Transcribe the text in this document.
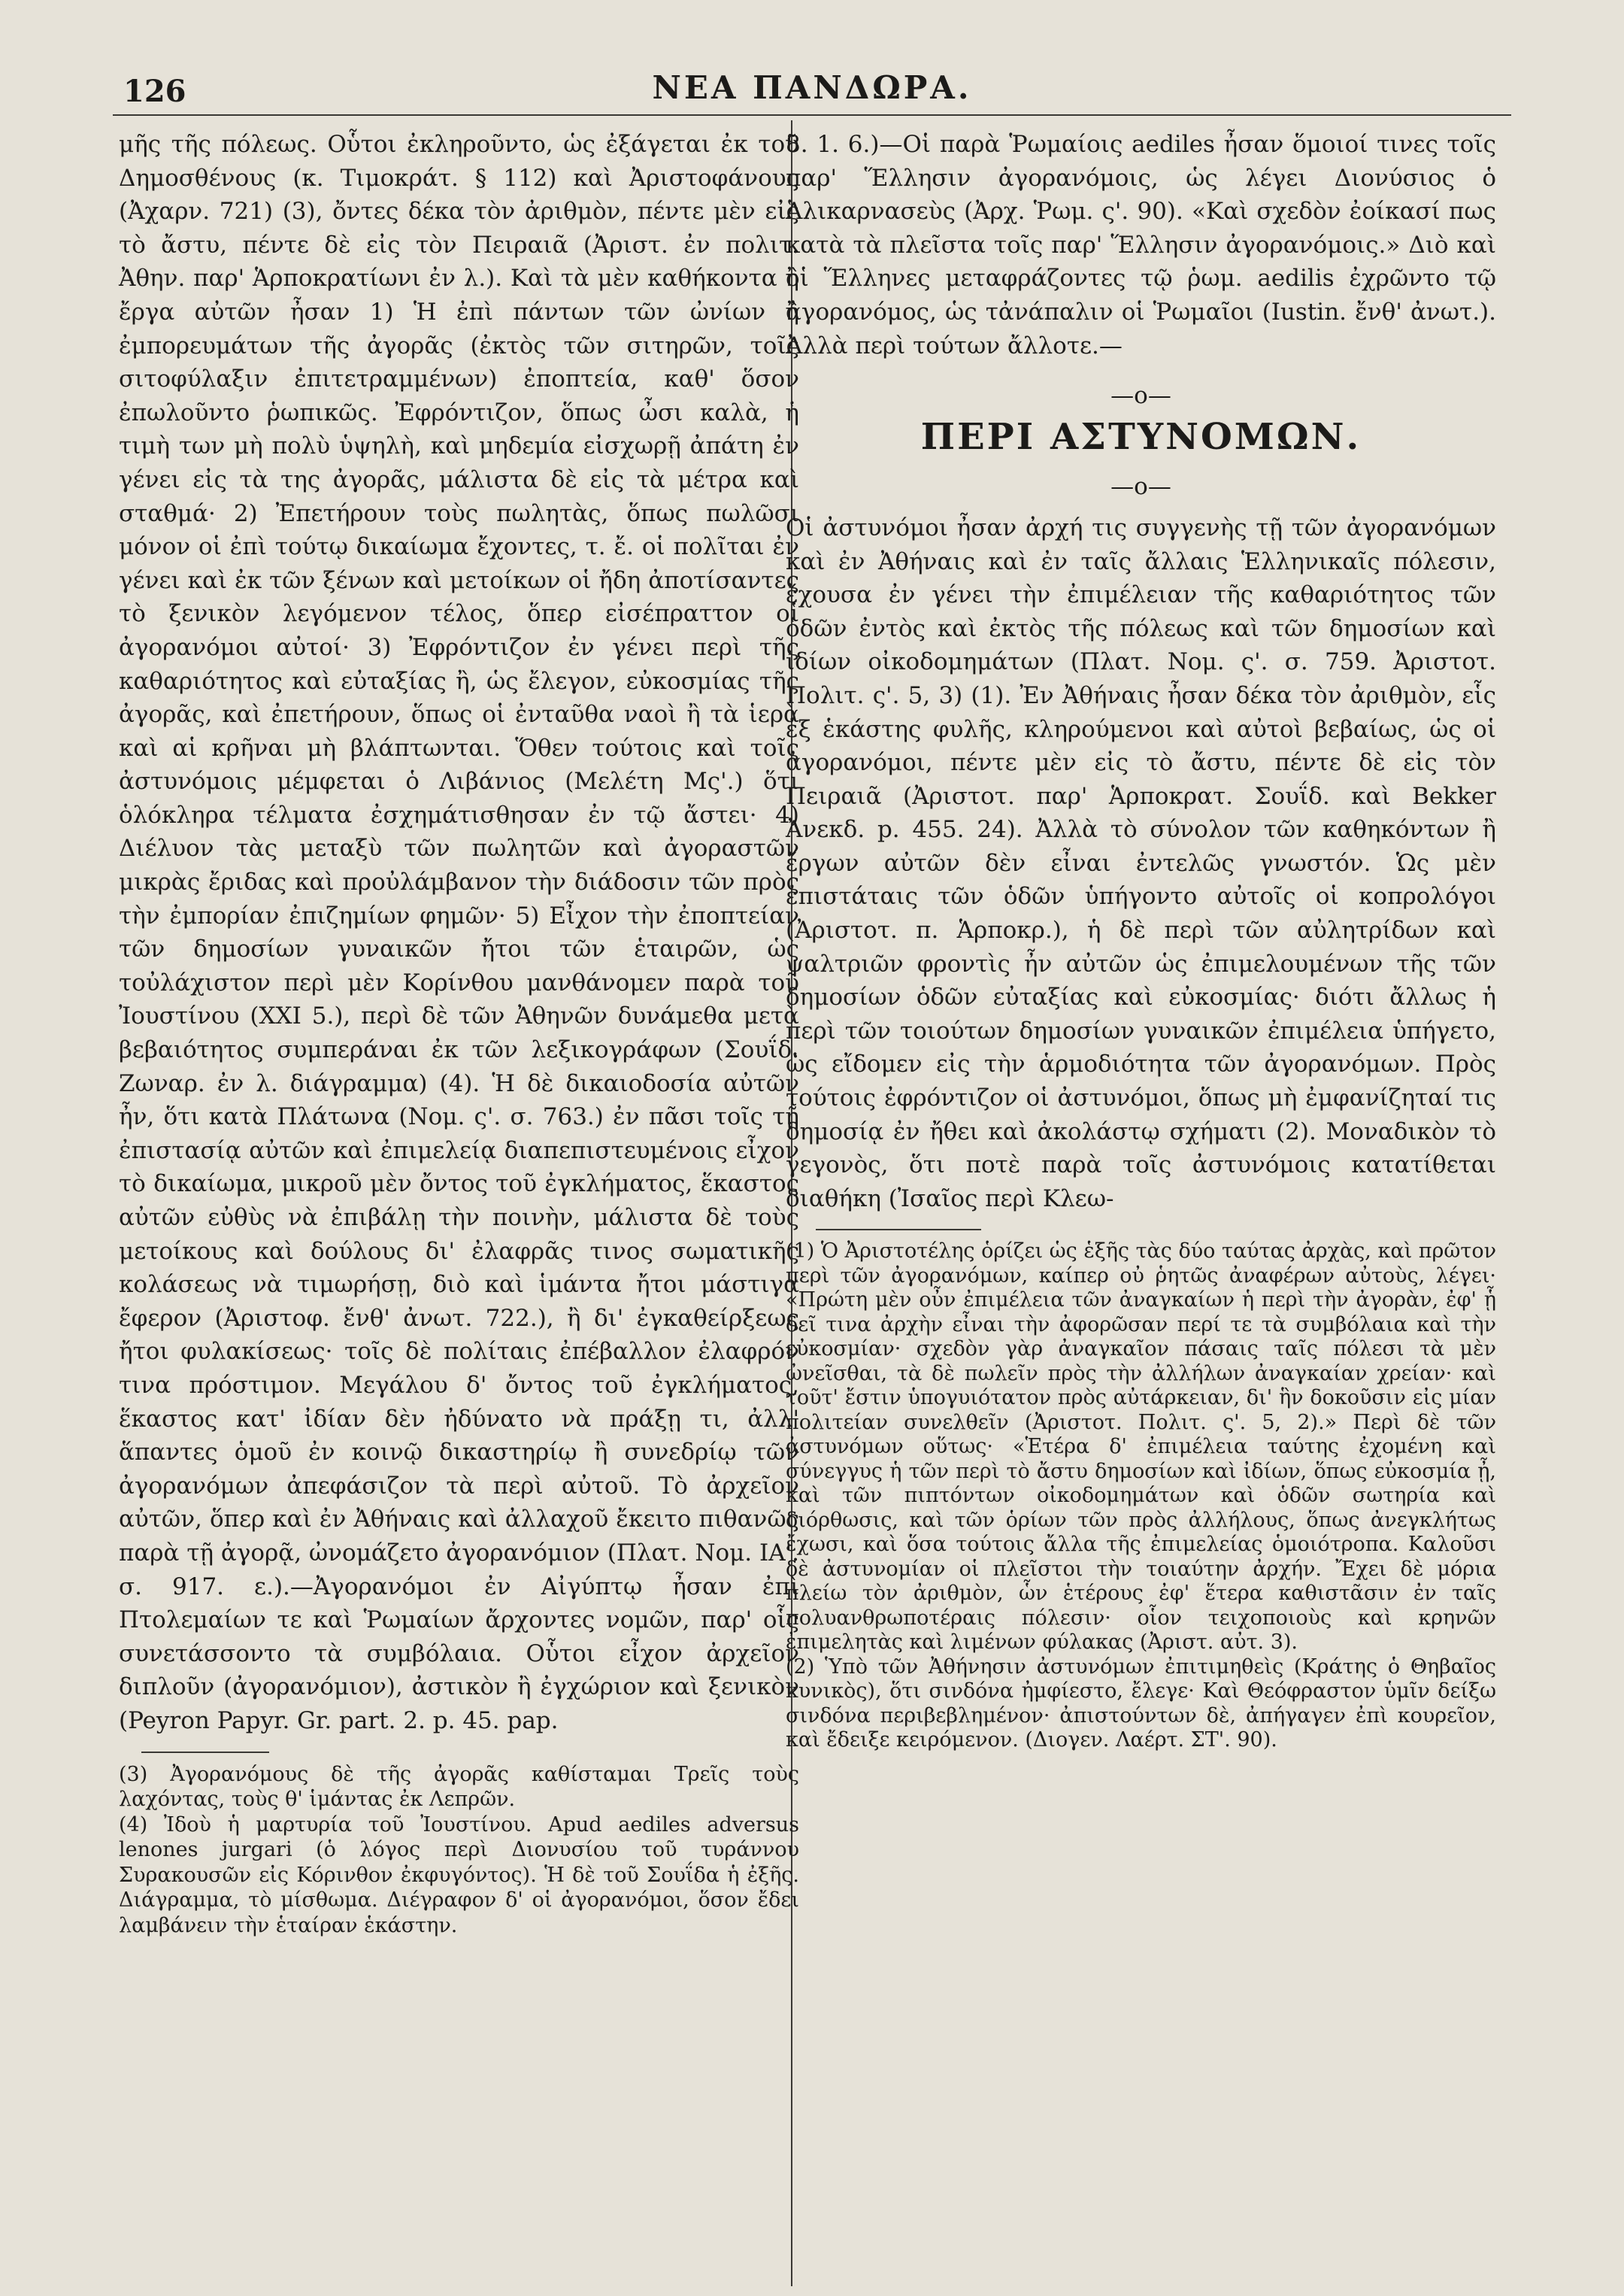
126	ΝΕΑ ΠΑΝΔΩΡΑ.

μῆς τῆς πόλεως. Οὗτοι ἐκληροῦντο, ὡς ἐξάγεται ἐκ τοῦ Δημοσθένους (κ. Τιμοκράτ. § 112) καὶ Ἀριστοφάνους (Ἀχαρν. 721) (3), ὄντες δέκα τὸν ἀριθμὸν, πέντε μὲν εἰς τὸ ἄστυ, πέντε δὲ εἰς τὸν Πειραιᾶ (Ἀριστ. ἐν πολιτ. Ἀθην. παρ' Ἁρποκρατίωνι ἐν λ.). Καὶ τὰ μὲν καθήκοντα ἢ ἔργα αὐτῶν ἦσαν 1) Ἡ ἐπὶ πάντων τῶν ὠνίων ἢ ἐμπορευμάτων τῆς ἀγορᾶς (ἐκτὸς τῶν σιτηρῶν, τοῖς σιτοφύλαξιν ἐπιτετραμμένων) ἐποπτεία, καθ' ὅσον ἐπωλοῦντο ῥωπικῶς. Ἐφρόντιζον, ὅπως ὦσι καλὰ, ἡ τιμὴ των μὴ πολὺ ὑψηλὴ, καὶ μηδεμία εἰσχωρῇ ἀπάτη ἐν γένει εἰς τὰ της ἀγορᾶς, μάλιστα δὲ εἰς τὰ μέτρα καὶ σταθμά· 2) Ἐπετήρουν τοὺς πωλητὰς, ὅπως πωλῶσι μόνον οἱ ἐπὶ τούτῳ δικαίωμα ἔχοντες, τ. ἔ. οἱ πολῖται ἐν γένει καὶ ἐκ τῶν ξένων καὶ μετοίκων οἱ ἤδη ἀποτίσαντες τὸ ξενικὸν λεγόμενον τέλος, ὅπερ εἰσέπραττον οἱ ἀγορανόμοι αὐτοί· 3) Ἐφρόντιζον ἐν γένει περὶ τῆς καθαριότητος καὶ εὐταξίας ἢ, ὡς ἔλεγον, εὐκοσμίας τῆς ἀγορᾶς, καὶ ἐπετήρουν, ὅπως οἱ ἐνταῦθα ναοὶ ἢ τὰ ἱερὰ καὶ αἱ κρῆναι μὴ βλάπτωνται. Ὅθεν τούτοις καὶ τοῖς ἀστυνόμοις μέμφεται ὁ Λιβάνιος (Μελέτη Μς'.) ὅτι ὁλόκληρα τέλματα ἐσχημάτισθησαν ἐν τῷ ἄστει· 4) Διέλυον τὰς μεταξὺ τῶν πωλητῶν καὶ ἀγοραστῶν μικρὰς ἔριδας καὶ προὐλάμβανον τὴν διάδοσιν τῶν πρὸς τὴν ἐμπορίαν ἐπιζημίων φημῶν· 5) Εἶχον τὴν ἐποπτείαν τῶν δημοσίων γυναικῶν ἤτοι τῶν ἑταιρῶν, ὡς τοὐλάχιστον περὶ μὲν Κορίνθου μανθάνομεν παρὰ τοῦ Ἰουστίνου (XXI 5.), περὶ δὲ τῶν Ἀθηνῶν δυνάμεθα μετὰ βεβαιότητος συμπεράναι ἐκ τῶν λεξικογράφων (Σουΐδ. Ζωναρ. ἐν λ. διάγραμμα) (4). Ἡ δὲ δικαιοδοσία αὐτῶν ἦν, ὅτι κατὰ Πλάτωνα (Νομ. ς'. σ. 763.) ἐν πᾶσι τοῖς τῇ ἐπιστασίᾳ αὐτῶν καὶ ἐπιμελείᾳ διαπεπιστευμένοις εἶχον τὸ δικαίωμα, μικροῦ μὲν ὄντος τοῦ ἐγκλήματος, ἕκαστος αὐτῶν εὐθὺς νὰ ἐπιβάλῃ τὴν ποινὴν, μάλιστα δὲ τοὺς μετοίκους καὶ δούλους δι' ἐλαφρᾶς τινος σωματικῆς κολάσεως νὰ τιμωρήσῃ, διὸ καὶ ἱμάντα ἤτοι μάστιγα ἔφερον (Ἀριστοφ. ἔνθ' ἀνωτ. 722.), ἢ δι' ἐγκαθείρξεως ἤτοι φυλακίσεως· τοῖς δὲ πολίταις ἐπέβαλλον ἐλαφρόν τινα πρόστιμον. Μεγάλου δ' ὄντος τοῦ ἐγκλήματος, ἕκαστος κατ' ἰδίαν δὲν ἠδύνατο νὰ πράξῃ τι, ἀλλ' ἅπαντες ὁμοῦ ἐν κοινῷ δικαστηρίῳ ἢ συνεδρίῳ τῶν ἀγορανόμων ἀπεφάσιζον τὰ περὶ αὐτοῦ. Τὸ ἀρχεῖον αὐτῶν, ὅπερ καὶ ἐν Ἀθήναις καὶ ἀλλαχοῦ ἔκειτο πιθανῶς παρὰ τῇ ἀγορᾷ, ὠνομάζετο ἀγορανόμιον (Πλατ. Νομ. ΙΑ'. σ. 917. ε.).—Ἀγορανόμοι ἐν Αἰγύπτῳ ἦσαν ἐπὶ Πτολεμαίων τε καὶ Ῥωμαίων ἄρχοντες νομῶν, παρ' οἷς συνετάσσοντο τὰ συμβόλαια. Οὗτοι εἶχον ἀρχεῖον διπλοῦν (ἀγορανόμιον), ἀστικὸν ἢ ἐγχώριον καὶ ξενικὸν (Peyron Papyr. Gr. part. 2. p. 45. pap.

(3) Ἀγορανόμους δὲ τῆς ἀγορᾶς καθίσταμαι Τρεῖς τοὺς λαχόντας, τοὺς θ' ἱμάντας ἐκ Λεπρῶν.

(4) Ἰδοὺ ἡ μαρτυρία τοῦ Ἰουστίνου. Apud aediles adversus lenones jurgari (ὁ λόγος περὶ Διονυσίου τοῦ τυράννου Συρακουσῶν εἰς Κόρινθον ἐκφυγόντος). Ἡ δὲ τοῦ Σουΐδα ἡ ἐξῆς. Διάγραμμα, τὸ μίσθωμα. Διέγραφον δ' οἱ ἀγορανόμοι, ὅσον ἔδει λαμβάνειν τὴν ἑταίραν ἑκάστην.

8. 1. 6.)—Οἱ παρὰ Ῥωμαίοις aediles ἦσαν ὅμοιοί τινες τοῖς παρ' Ἕλλησιν ἀγορανόμοις, ὡς λέγει Διονύσιος ὁ Ἁλικαρνασεὺς (Ἀρχ. Ῥωμ. ς'. 90). «Καὶ σχεδὸν ἐοίκασί πως κατὰ τὰ πλεῖστα τοῖς παρ' Ἕλλησιν ἀγορανόμοις.» Διὸ καὶ οἱ Ἕλληνες μεταφράζοντες τῷ ῥωμ. aedilis ἐχρῶντο τῷ ἀγορανόμος, ὡς τἀνάπαλιν οἱ Ῥωμαῖοι (Iustin. ἔνθ' ἀνωτ.). Ἀλλὰ περὶ τούτων ἄλλοτε.—

—ο—
ΠΕΡΙ ΑΣΤΥΝΟΜΩΝ.
—ο—

Οἱ ἀστυνόμοι ἦσαν ἀρχή τις συγγενὴς τῇ τῶν ἀγορανόμων καὶ ἐν Ἀθήναις καὶ ἐν ταῖς ἄλλαις Ἑλληνικαῖς πόλεσιν, ἔχουσα ἐν γένει τὴν ἐπιμέλειαν τῆς καθαριότητος τῶν ὁδῶν ἐντὸς καὶ ἐκτὸς τῆς πόλεως καὶ τῶν δημοσίων καὶ ἰδίων οἰκοδομημάτων (Πλατ. Νομ. ς'. σ. 759. Ἀριστοτ. Πολιτ. ς'. 5, 3) (1). Ἐν Ἀθήναις ἦσαν δέκα τὸν ἀριθμὸν, εἷς ἐξ ἑκάστης φυλῆς, κληρούμενοι καὶ αὐτοὶ βεβαίως, ὡς οἱ ἀγορανόμοι, πέντε μὲν εἰς τὸ ἄστυ, πέντε δὲ εἰς τὸν Πειραιᾶ (Ἀριστοτ. παρ' Ἁρποκρατ. Σουΐδ. καὶ Bekker Ἀνεκδ. p. 455. 24). Ἀλλὰ τὸ σύνολον τῶν καθηκόντων ἢ ἔργων αὐτῶν δὲν εἶναι ἐντελῶς γνωστόν. Ὡς μὲν ἐπιστάταις τῶν ὁδῶν ὑπήγοντο αὐτοῖς οἱ κοπρολόγοι (Ἀριστοτ. π. Ἁρποκρ.), ἡ δὲ περὶ τῶν αὐλητρίδων καὶ ψαλτριῶν φροντὶς ἦν αὐτῶν ὡς ἐπιμελουμένων τῆς τῶν δημοσίων ὁδῶν εὐταξίας καὶ εὐκοσμίας· διότι ἄλλως ἡ περὶ τῶν τοιούτων δημοσίων γυναικῶν ἐπιμέλεια ὑπήγετο, ὡς εἴδομεν εἰς τὴν ἁρμοδιότητα τῶν ἀγορανόμων. Πρὸς τούτοις ἐφρόντιζον οἱ ἀστυνόμοι, ὅπως μὴ ἐμφανίζηταί τις δημοσίᾳ ἐν ἤθει καὶ ἀκολάστῳ σχήματι (2). Μοναδικὸν τὸ γεγονὸς, ὅτι ποτὲ παρὰ τοῖς ἀστυνόμοις κατατίθεται διαθήκη (Ἰσαῖος περὶ Κλεω-

(1) Ὁ Ἀριστοτέλης ὁρίζει ὡς ἑξῆς τὰς δύο ταύτας ἀρχὰς, καὶ πρῶτον περὶ τῶν ἀγορανόμων, καίπερ οὐ ῥητῶς ἀναφέρων αὐτοὺς, λέγει· «Πρώτη μὲν οὖν ἐπιμέλεια τῶν ἀναγκαίων ἡ περὶ τὴν ἀγορὰν, ἐφ' ᾗ δεῖ τινα ἀρχὴν εἶναι τὴν ἀφορῶσαν περί τε τὰ συμβόλαια καὶ τὴν εὐκοσμίαν· σχεδὸν γὰρ ἀναγκαῖον πάσαις ταῖς πόλεσι τὰ μὲν ὠνεῖσθαι, τὰ δὲ πωλεῖν πρὸς τὴν ἀλλήλων ἀναγκαίαν χρείαν· καὶ τοῦτ' ἔστιν ὑπογυιότατον πρὸς αὐτάρκειαν, δι' ἣν δοκοῦσιν εἰς μίαν πολιτείαν συνελθεῖν (Ἀριστοτ. Πολιτ. ς'. 5, 2).» Περὶ δὲ τῶν ἀστυνόμων οὕτως· «Ἑτέρα δ' ἐπιμέλεια ταύτης ἐχομένη καὶ σύνεγγυς ἡ τῶν περὶ τὸ ἄστυ δημοσίων καὶ ἰδίων, ὅπως εὐκοσμία ᾖ, καὶ τῶν πιπτόντων οἰκοδομημάτων καὶ ὁδῶν σωτηρία καὶ διόρθωσις, καὶ τῶν ὁρίων τῶν πρὸς ἀλλήλους, ὅπως ἀνεγκλήτως ἔχωσι, καὶ ὅσα τούτοις ἄλλα τῆς ἐπιμελείας ὁμοιότροπα. Καλοῦσι δὲ ἀστυνομίαν οἱ πλεῖστοι τὴν τοιαύτην ἀρχήν. Ἔχει δὲ μόρια πλείω τὸν ἀριθμὸν, ὧν ἑτέρους ἐφ' ἕτερα καθιστᾶσιν ἐν ταῖς πολυανθρωποτέραις πόλεσιν· οἷον τειχοποιοὺς καὶ κρηνῶν ἐπιμελητὰς καὶ λιμένων φύλακας (Ἀριστ. αὐτ. 3).

(2) Ὑπὸ τῶν Ἀθήνησιν ἀστυνόμων ἐπιτιμηθεὶς (Κράτης ὁ Θηβαῖος κυνικὸς), ὅτι σινδόνα ἠμφίεστο, ἔλεγε· Καὶ Θεόφραστον ὑμῖν δείξω σινδόνα περιβεβλημένον· ἀπιστούντων δὲ, ἀπήγαγεν ἐπὶ κουρεῖον, καὶ ἔδειξε κειρόμενον. (Διογεν. Λαέρτ. ΣΤ'. 90).
